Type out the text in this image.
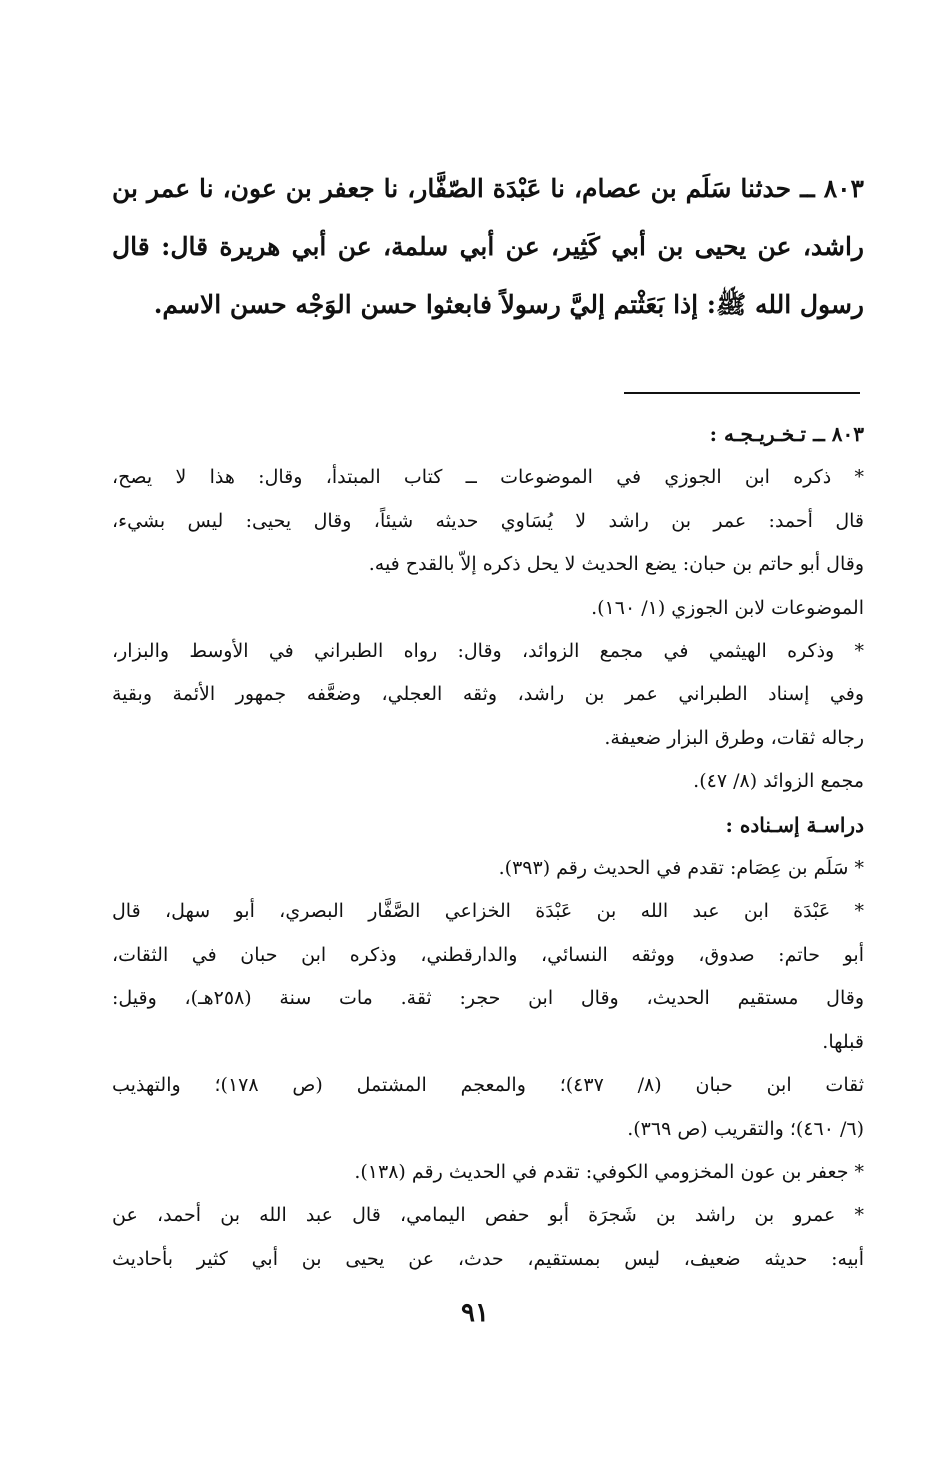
٨٠٣ ــ حدثنا سَلَم بن عصام، نا عَبْدَة الصّفَّار، نا جعفر بن عون، نا عمر بن راشد، عن يحيى بن أبي كَثِير، عن أبي سلمة، عن أبي هريرة قال: قال رسول الله ﷺ: إذا بَعَثْتم إليَّ رسولاً فابعثوا حسن الوَجْه حسن الاسم.
٨٠٣ ــ تـخـريـجـه :
* ذكره ابن الجوزي في الموضوعات ــ كتاب المبتدأ، وقال: هذا لا يصح،
قال أحمد: عمر بن راشد لا يُسَاوي حديثه شيئاً، وقال يحيى: ليس بشيء،
وقال أبو حاتم بن حبان: يضع الحديث لا يحل ذكره إلاّ بالقدح فيه.
الموضوعات لابن الجوزي (١/ ١٦٠).
* وذكره الهيثمي في مجمع الزوائد، وقال: رواه الطبراني في الأوسط والبزار،
وفي إسناد الطبراني عمر بن راشد، وثقه العجلي، وضعَّفه جمهور الأئمة وبقية
رجاله ثقات، وطرق البزار ضعيفة.
مجمع الزوائد (٨/ ٤٧).
دراسـة إسـناده :
* سَلَم بن عِصَام: تقدم في الحديث رقم (٣٩٣).
* عَبْدَة ابن عبد الله بن عَبْدَة الخزاعي الصَّفَّار البصري، أبو سهل، قال
أبو حاتم: صدوق، ووثقه النسائي، والدارقطني، وذكره ابن حبان في الثقات،
وقال مستقيم الحديث، وقال ابن حجر: ثقة. مات سنة (٢٥٨هـ)، وقيل:
قبلها.
ثقات ابن حبان (٨/ ٤٣٧)؛ والمعجم المشتمل (ص ١٧٨)؛ والتهذيب
(٦/ ٤٦٠)؛ والتقريب (ص ٣٦٩).
* جعفر بن عون المخزومي الكوفي: تقدم في الحديث رقم (١٣٨).
* عمرو بن راشد بن شَجرَة أبو حفص اليمامي، قال عبد الله بن أحمد، عن
أبيه: حديثه ضعيف، ليس بمستقيم، حدث، عن يحيى بن أبي كثير بأحاديث
٩١
